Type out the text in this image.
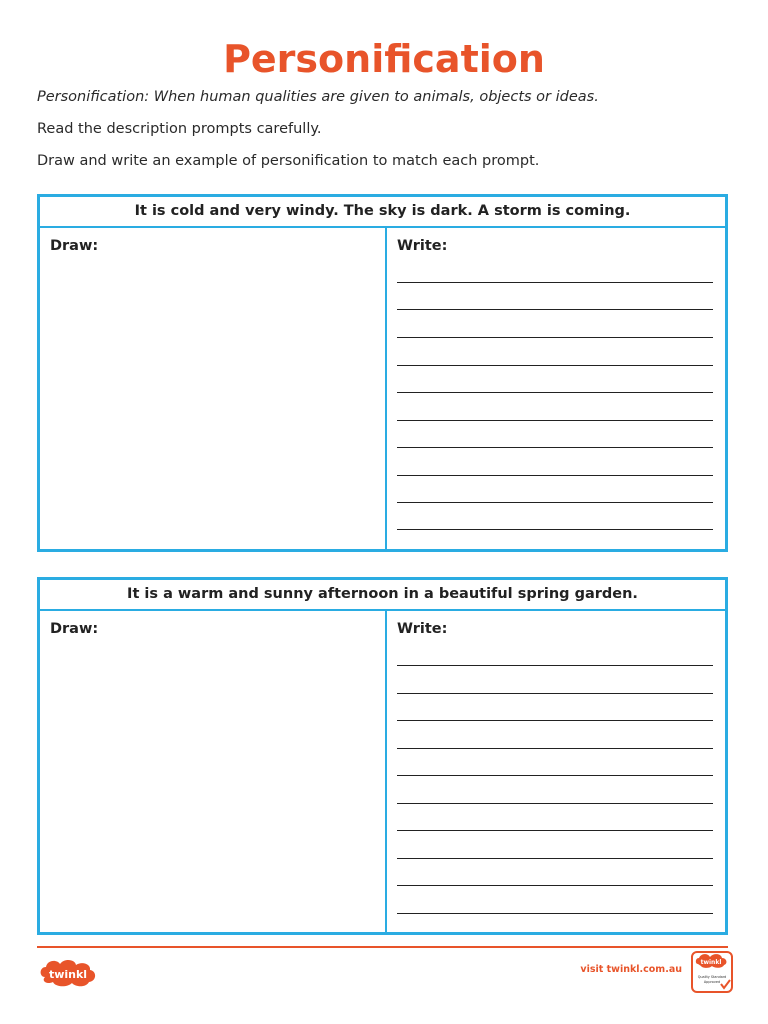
Personification
Personification: When human qualities are given to animals, objects or ideas.
Read the description prompts carefully.
Draw and write an example of personification to match each prompt.
It is cold and very windy. The sky is dark. A storm is coming.
Draw:	Write:
It is a warm and sunny afternoon in a beautiful spring garden.
Draw:	Write:
twinkl	visit twinkl.com.au
twinkl
Quality Standard
Approved
